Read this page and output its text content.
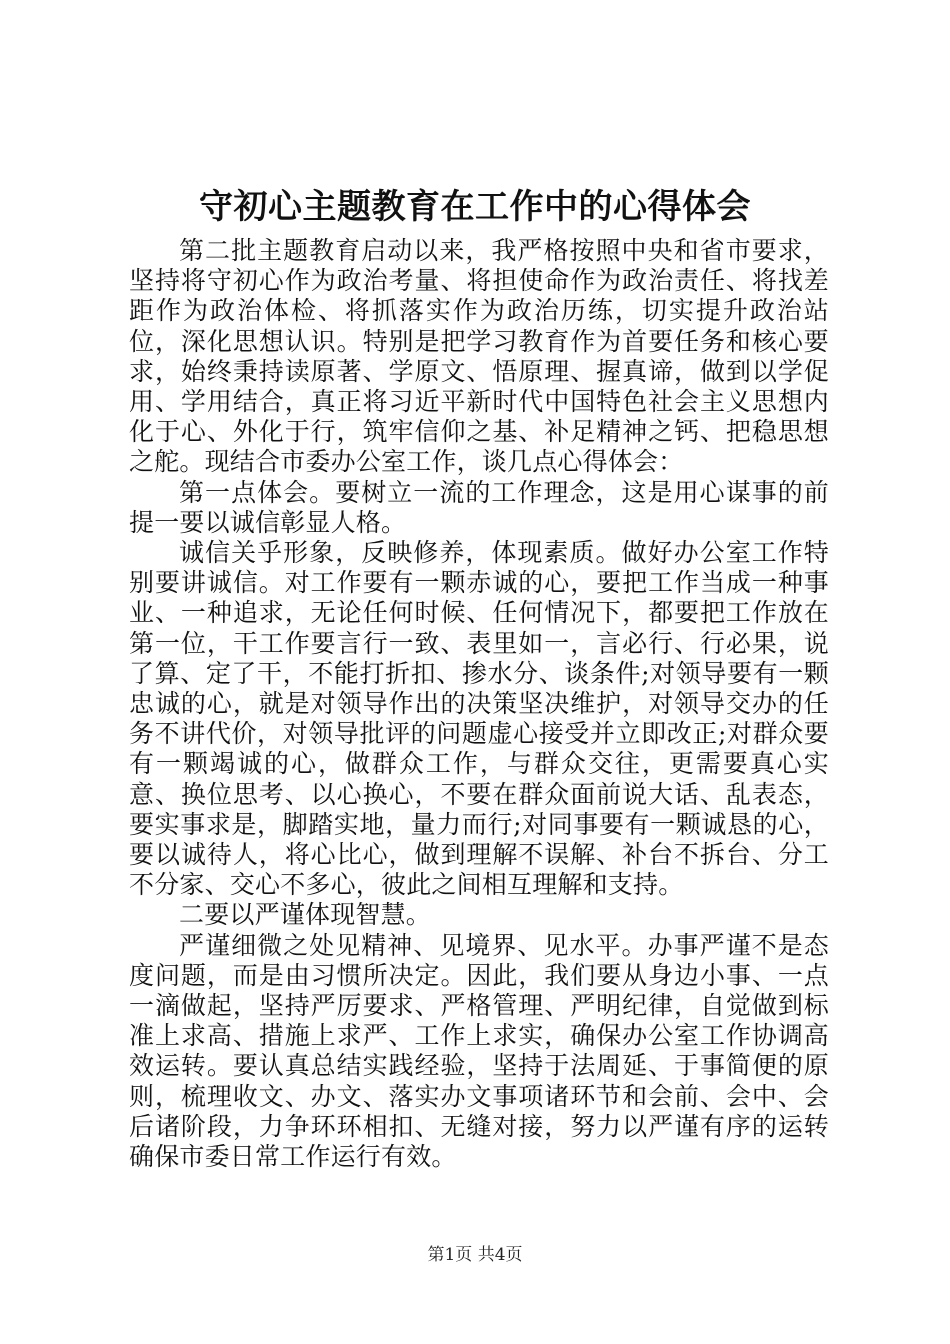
守初心主题教育在工作中的心得体会

第二批主题教育启动以来，我严格按照中央和省市要求，坚持将守初心作为政治考量、将担使命作为政治责任、将找差距作为政治体检、将抓落实作为政治历练，切实提升政治站位，深化思想认识。特别是把学习教育作为首要任务和核心要求，始终秉持读原著、学原文、悟原理、握真谛，做到以学促用、学用结合，真正将习近平新时代中国特色社会主义思想内化于心、外化于行，筑牢信仰之基、补足精神之钙、把稳思想之舵。现结合市委办公室工作，谈几点心得体会：

第一点体会。要树立一流的工作理念，这是用心谋事的前提一要以诚信彰显人格。

诚信关乎形象，反映修养，体现素质。做好办公室工作特别要讲诚信。对工作要有一颗赤诚的心，要把工作当成一种事业、一种追求，无论任何时候、任何情况下，都要把工作放在第一位，干工作要言行一致、表里如一，言必行、行必果，说了算、定了干，不能打折扣、掺水分、谈条件;对领导要有一颗忠诚的心，就是对领导作出的决策坚决维护，对领导交办的任务不讲代价，对领导批评的问题虚心接受并立即改正;对群众要有一颗竭诚的心，做群众工作，与群众交往，更需要真心实意、换位思考、以心换心，不要在群众面前说大话、乱表态，要实事求是，脚踏实地，量力而行;对同事要有一颗诚恳的心，要以诚待人，将心比心，做到理解不误解、补台不拆台、分工不分家、交心不多心，彼此之间相互理解和支持。

二要以严谨体现智慧。

严谨细微之处见精神、见境界、见水平。办事严谨不是态度问题，而是由习惯所决定。因此，我们要从身边小事、一点一滴做起，坚持严厉要求、严格管理、严明纪律，自觉做到标准上求高、措施上求严、工作上求实，确保办公室工作协调高效运转。要认真总结实践经验，坚持于法周延、于事简便的原则，梳理收文、办文、落实办文事项诸环节和会前、会中、会后诸阶段，力争环环相扣、无缝对接，努力以严谨有序的运转确保市委日常工作运行有效。

第1页 共4页
